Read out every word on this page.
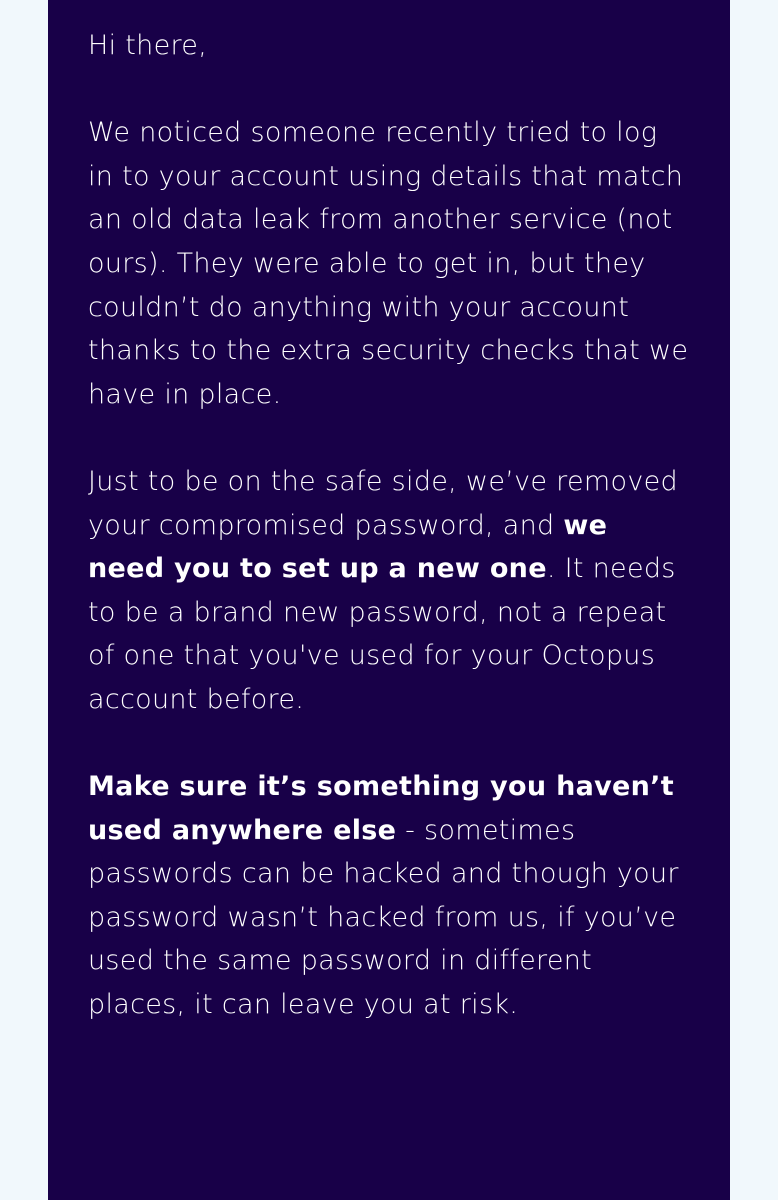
Hi there,

We noticed someone recently tried to log in to your account using details that match an old data leak from another service (not ours). They were able to get in, but they couldn’t do anything with your account thanks to the extra security checks that we have in place.

Just to be on the safe side, we’ve removed your compromised password, and we need you to set up a new one. It needs to be a brand new password, not a repeat of one that you've used for your Octopus account before.

Make sure it’s something you haven’t used anywhere else - sometimes passwords can be hacked and though your password wasn’t hacked from us, if you’ve used the same password in different places, it can leave you at risk.
